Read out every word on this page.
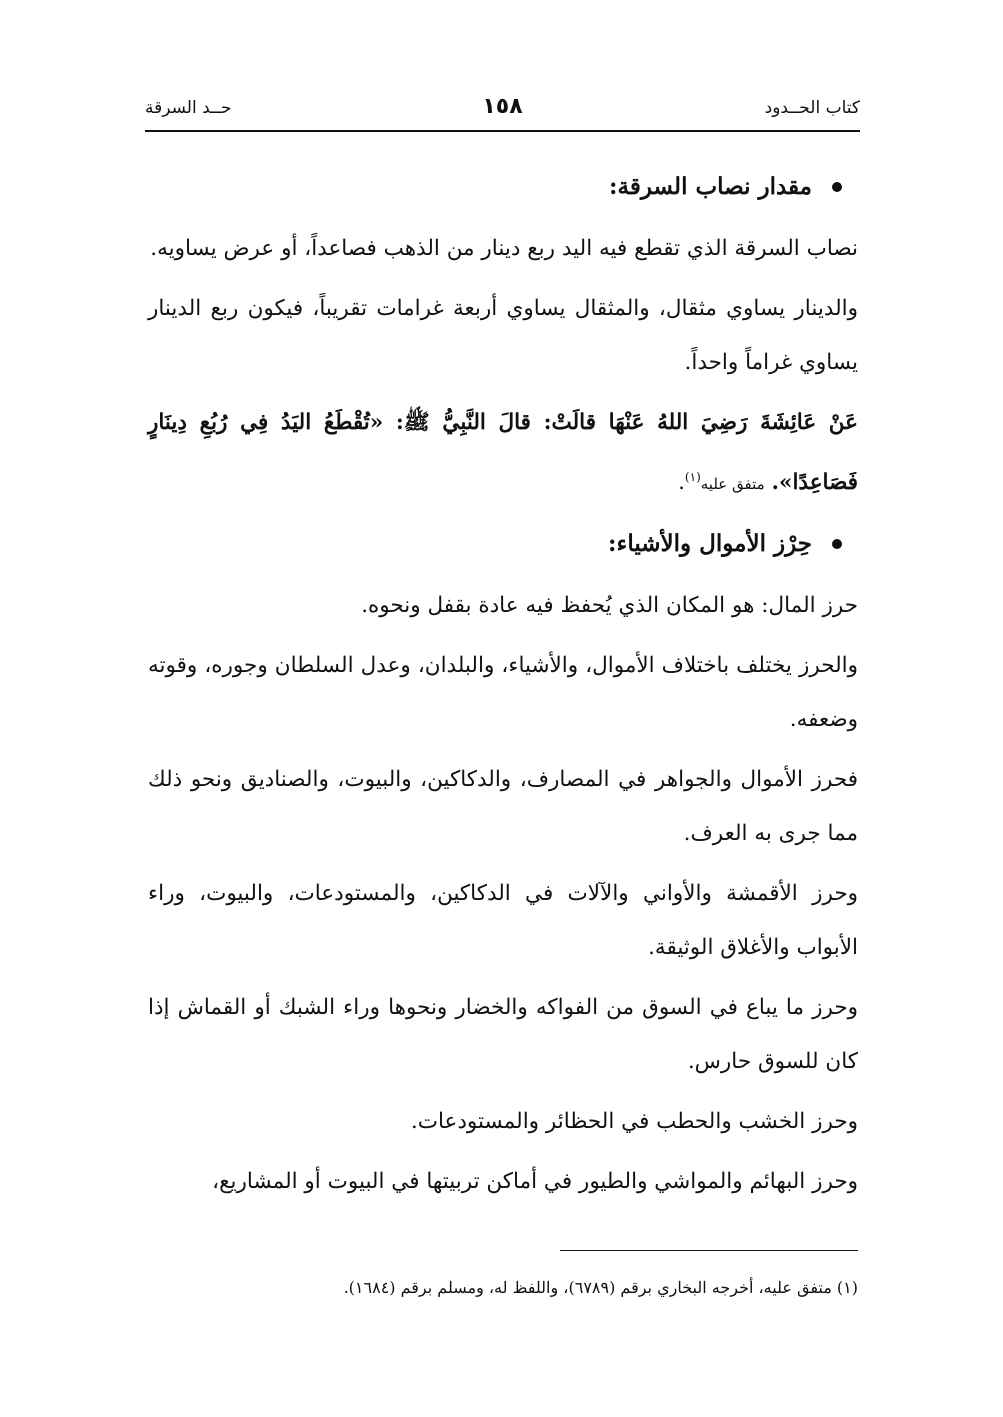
كتاب الحــدود
١٥٨
حــد السرقة
مقدار نصاب السرقة:

نصاب السرقة الذي تقطع فيه اليد ربع دينار من الذهب فصاعداً، أو عرض يساويه.

والدينار يساوي مثقال، والمثقال يساوي أربعة غرامات تقريباً، فيكون ربع الدينار يساوي غراماً واحداً.

عَنْ عَائِشَةَ رَضِيَ اللهُ عَنْهَا قالَتْ: قالَ النَّبِيُّ ﷺ: «تُقْطَعُ اليَدُ فِي رُبُعِ دِينَارٍ فَصَاعِدًا». متفق عليه$^{(١)}$.

حِرْز الأموال والأشياء:

حرز المال: هو المكان الذي يُحفظ فيه عادة بقفل ونحوه.

والحرز يختلف باختلاف الأموال، والأشياء، والبلدان، وعدل السلطان وجوره، وقوته وضعفه.

فحرز الأموال والجواهر في المصارف، والدكاكين، والبيوت، والصناديق ونحو ذلك مما جرى به العرف.

وحرز الأقمشة والأواني والآلات في الدكاكين، والمستودعات، والبيوت، وراء الأبواب والأغلاق الوثيقة.

وحرز ما يباع في السوق من الفواكه والخضار ونحوها وراء الشبك أو القماش إذا كان للسوق حارس.

وحرز الخشب والحطب في الحظائر والمستودعات.

وحرز البهائم والمواشي والطيور في أماكن تربيتها في البيوت أو المشاريع،

(١) متفق عليه، أخرجه البخاري برقم (٦٧٨٩)، واللفظ له، ومسلم برقم (١٦٨٤).
